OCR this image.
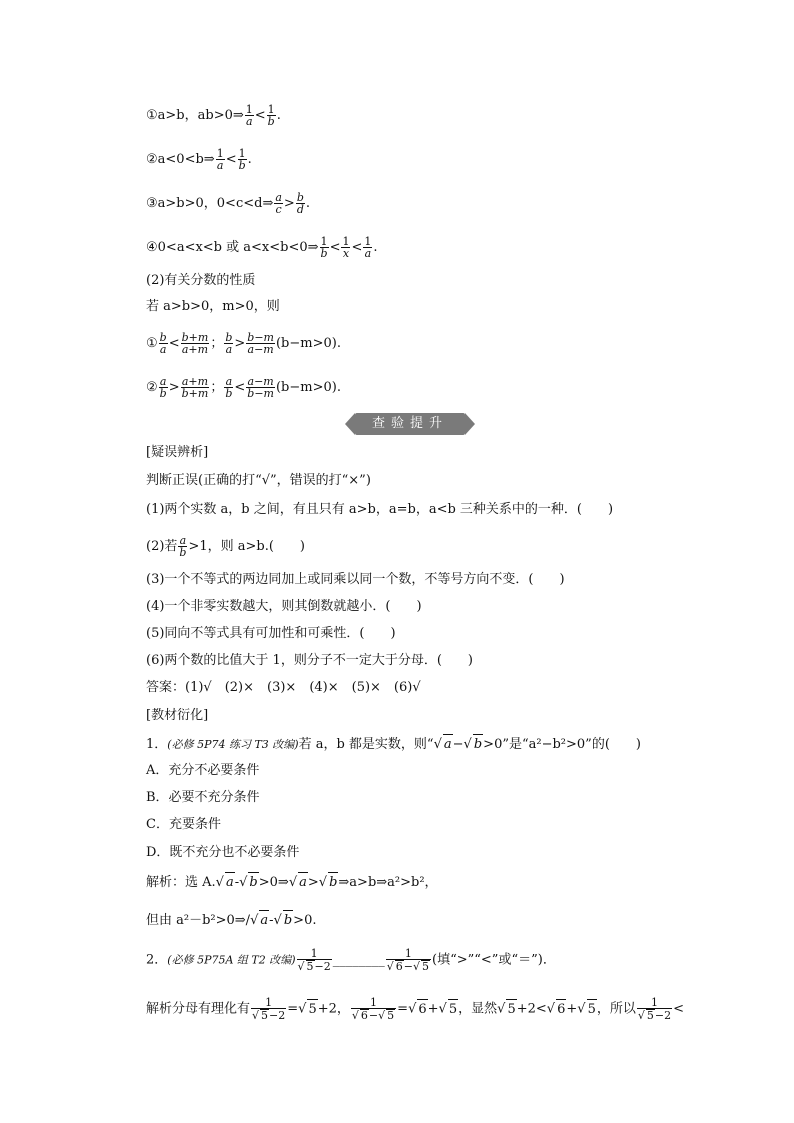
①a>b，ab>0⇒ $\frac{1}{a} < \frac{1}{b}$ .
②a<0<b⇒ $\frac{1}{a} < \frac{1}{b}$ .
③a>b>0，0<c<d⇒ $\frac{a}{c} > \frac{b}{d}$ .
④0<a<x<b 或 a<x<b<0⇒ $\frac{1}{b} < \frac{1}{x} < \frac{1}{a}$ .
(2)有关分数的性质
若 a>b>0，m>0，则
① $\frac{b}{a} < \frac{b+m}{a+m}$ ； $\frac{b}{a} > \frac{b-m}{a-m} (b-m>0)$.
② $\frac{a}{b} > \frac{a+m}{b+m}$ ； $\frac{a}{b} < \frac{a-m}{b-m} (b-m>0)$.
查验提升
[疑误辨析]
判断正误(正确的打“√”，错误的打“×”)
(1)两个实数 a，b 之间，有且只有 a>b，a=b，a<b 三种关系中的一种．(　　)
(2)若 $\frac{a}{b} >1$，则 a>b.(　　)
(3)一个不等式的两边同加上或同乘以同一个数，不等号方向不变．(　　)
(4)一个非零实数越大，则其倒数就越小．(　　)
(5)同向不等式具有可加性和可乘性．(　　)
(6)两个数的比值大于 1，则分子不一定大于分母．(　　)
答案：(1)√　(2)×　(3)×　(4)×　(5)×　(6)√
[教材衍化]
1．(必修 5P74 练习 T3 改编)若 a，b 都是实数，则“√ a−√ b>0”是“a²−b²>0”的(　　)
A．充分不必要条件
B．必要不充分条件
C．充要条件
D．既不充分也不必要条件
解析：选 A.√ a-√ b>0⇒√ a>√ b⇒a>b⇒a²>b²，
但由 a²－b²>0⇒/√ a-√ b>0.
2．(必修 5P75A 组 T2 改编) $\frac{1}{√ 5-2}$ ________ $\frac{1}{√ 6-√ 5}$ (填“>”“<”或“＝”)．
解析分母有理化有 $\frac{1}{√ 5-2}$ =√ 5+2， $\frac{1}{√ 6-√ 5}$ =√ 6+√ 5，显然√ 5+2<√ 6+√ 5，所以 $\frac{1}{√ 5-2}$ <
